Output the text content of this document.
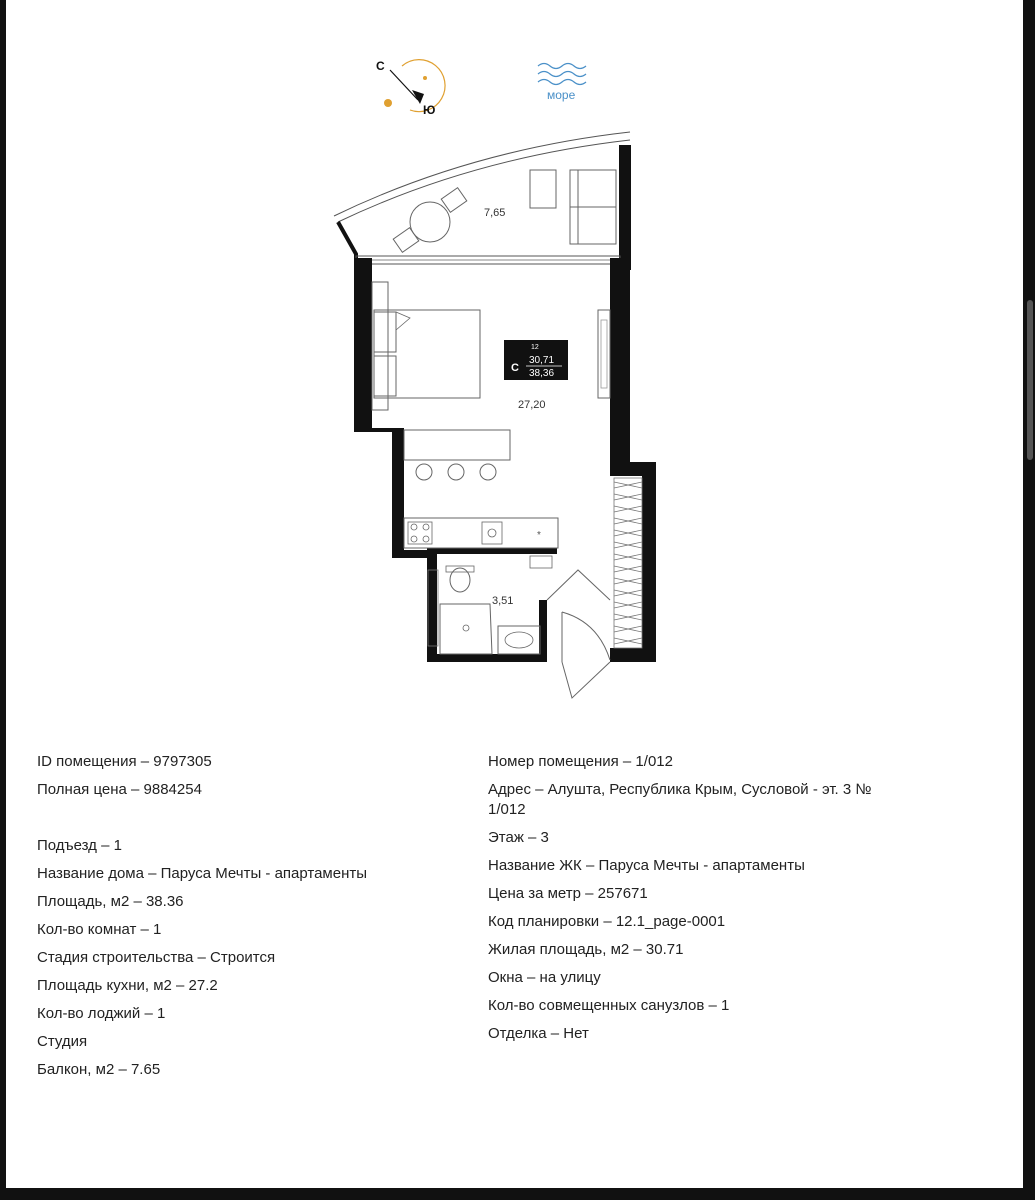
С
Ю
море
7,65
12
С
30,71
38,36
27,20
*
3,51
ID помещения – 9797305
Полная цена – 9884254
Подъезд – 1
Название дома – Паруса Мечты - апартаменты
Площадь, м2 – 38.36
Кол-во комнат – 1
Стадия строительства – Строится
Площадь кухни, м2 – 27.2
Кол-во лоджий – 1
Студия
Балкон, м2 – 7.65
Номер помещения – 1/012
Адрес – Алушта, Республика Крым, Сусловой - эт. 3 № 1/012
Этаж – 3
Название ЖК – Паруса Мечты - апартаменты
Цена за метр – 257671
Код планировки – 12.1_page-0001
Жилая площадь, м2 – 30.71
Окна – на улицу
Кол-во совмещенных санузлов – 1
Отделка – Нет
